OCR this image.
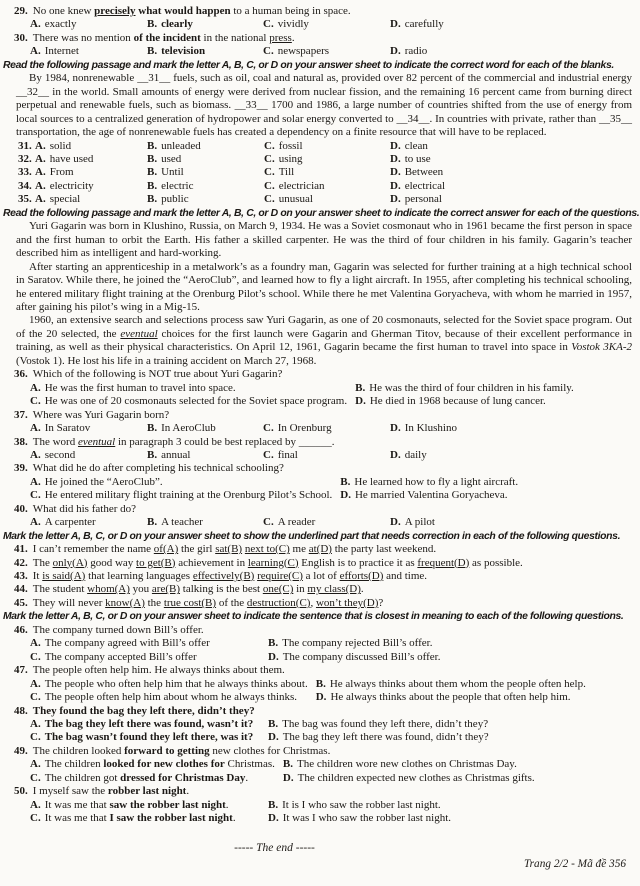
29. No one knew precisely what would happen to a human being in space.
A. exactly	B. clearly	C. vividly	D. carefully
30. There was no mention of the incident in the national press.
A. Internet	B. television	C. newspapers	D. radio
Read the following passage and mark the letter A, B, C, or D on your answer sheet to indicate the correct word for each of the blanks.

By 1984, nonrenewable __31__ fuels, such as oil, coal and natural as, provided over 82 percent of the commercial and industrial energy __32__ in the world. Small amounts of energy were derived from nuclear fission, and the remaining 16 percent came from burning direct perpetual and renewable fuels, such as biomass. __33__ 1700 and 1986, a large number of countries shifted from the use of energy from local sources to a centralized generation of hydropower and solar energy converted to __34__. In countries with private, rather than __35__ transportation, the age of nonrenewable fuels has created a dependency on a finite resource that will have to be replaced.

31. A. solid	B. unleaded	C. fossil	D. clean
32. A. have used	B. used	C. using	D. to use
33. A. From	B. Until	C. Till	D. Between
34. A. electricity	B. electric	C. electrician	D. electrical
35. A. special	B. public	C. unusual	D. personal
Read the following passage and mark the letter A, B, C, or D on your answer sheet to indicate the correct answer for each of the questions.

Yuri Gagarin was born in Klushino, Russia, on March 9, 1934. He was a Soviet cosmonaut who in 1961 became the first person in space and the first human to orbit the Earth. His father a skilled carpenter. He was the third of four children in his family. Gagarin’s teacher described him as intelligent and hard-working.

After starting an apprenticeship in a metalwork’s as a foundry man, Gagarin was selected for further training at a high technical school in Saratov. While there, he joined the “AeroClub”, and learned how to fly a light aircraft. In 1955, after completing his technical schooling, he entered military flight training at the Orenburg Pilot’s school. While there he met Valentina Goryacheva, with whom he married in 1957, after gaining his pilot’s wing in a Mig-15.

1960, an extensive search and selections process saw Yuri Gagarin, as one of 20 cosmonauts, selected for the Soviet space program. Out of the 20 selected, the eventual choices for the first launch were Gagarin and Gherman Titov, because of their excellent performance in training, as well as their physical characteristics. On April 12, 1961, Gagarin became the first human to travel into space in Vostok 3KA-2 (Vostok 1). He lost his life in a training accident on March 27, 1968.

36. Which of the following is NOT true about Yuri Gagarin?
A. He was the first human to travel into space.	B. He was the third of four children in his family.
C. He was one of 20 cosmonauts selected for the Soviet space program. D. He died in 1968 because of lung cancer.
37. Where was Yuri Gagarin born?
A. In Saratov	B. In AeroClub	C. In Orenburg	D. In Klushino
38. The word eventual in paragraph 3 could be best replaced by ______.
A. second	B. annual	C. final	D. daily
39. What did he do after completing his technical schooling?
A. He joined the “AeroClub”.	B. He learned how to fly a light aircraft.
C. He entered military flight training at the Orenburg Pilot’s School. D. He married Valentina Goryacheva.
40. What did his father do?
A. A carpenter	B. A teacher	C. A reader	D. A pilot
Mark the letter A, B, C, or D on your answer sheet to show the underlined part that needs correction in each of the following questions.
41. I can’t remember the name of(A) the girl sat(B) next to(C) me at(D) the party last weekend.
42. The only(A) good way to get(B) achievement in learning(C) English is to practice it as frequent(D) as possible.
43. It is said(A) that learning languages effectively(B) require(C) a lot of efforts(D) and time.
44. The student whom(A) you are(B) talking is the best one(C) in my class(D).
45. They will never know(A) the true cost(B) of the destruction(C), won’t they(D)?
Mark the letter A, B, C, or D on your answer sheet to indicate the sentence that is closest in meaning to each of the following questions.
46. The company turned down Bill’s offer.
A. The company agreed with Bill’s offer	B. The company rejected Bill’s offer.
C. The company accepted Bill’s offer	D. The company discussed Bill’s offer.
47. The people often help him. He always thinks about them.
A. The people who often help him that he always thinks about. B. He always thinks about them whom the people often help.
C. The people often help him about whom he always thinks.	D. He always thinks about the people that often help him.
48. They found the bag they left there, didn’t they?
A. The bag they left there was found, wasn’t it?	B. The bag was found they left there, didn’t they?
C. The bag wasn’t found they left there, was it?	D. The bag they left there was found, didn’t they?
49. The children looked forward to getting new clothes for Christmas.
A. The children looked for new clothes for Christmas. B. The children wore new clothes on Christmas Day.
C. The children got dressed for Christmas Day.	D. The children expected new clothes as Christmas gifts.
50. I myself saw the robber last night.
A. It was me that saw the robber last night.	B. It is I who saw the robber last night.
C. It was me that I saw the robber last night.	D. It was I who saw the robber last night.
----- The end -----
Trang 2/2 - Mã đề 356
